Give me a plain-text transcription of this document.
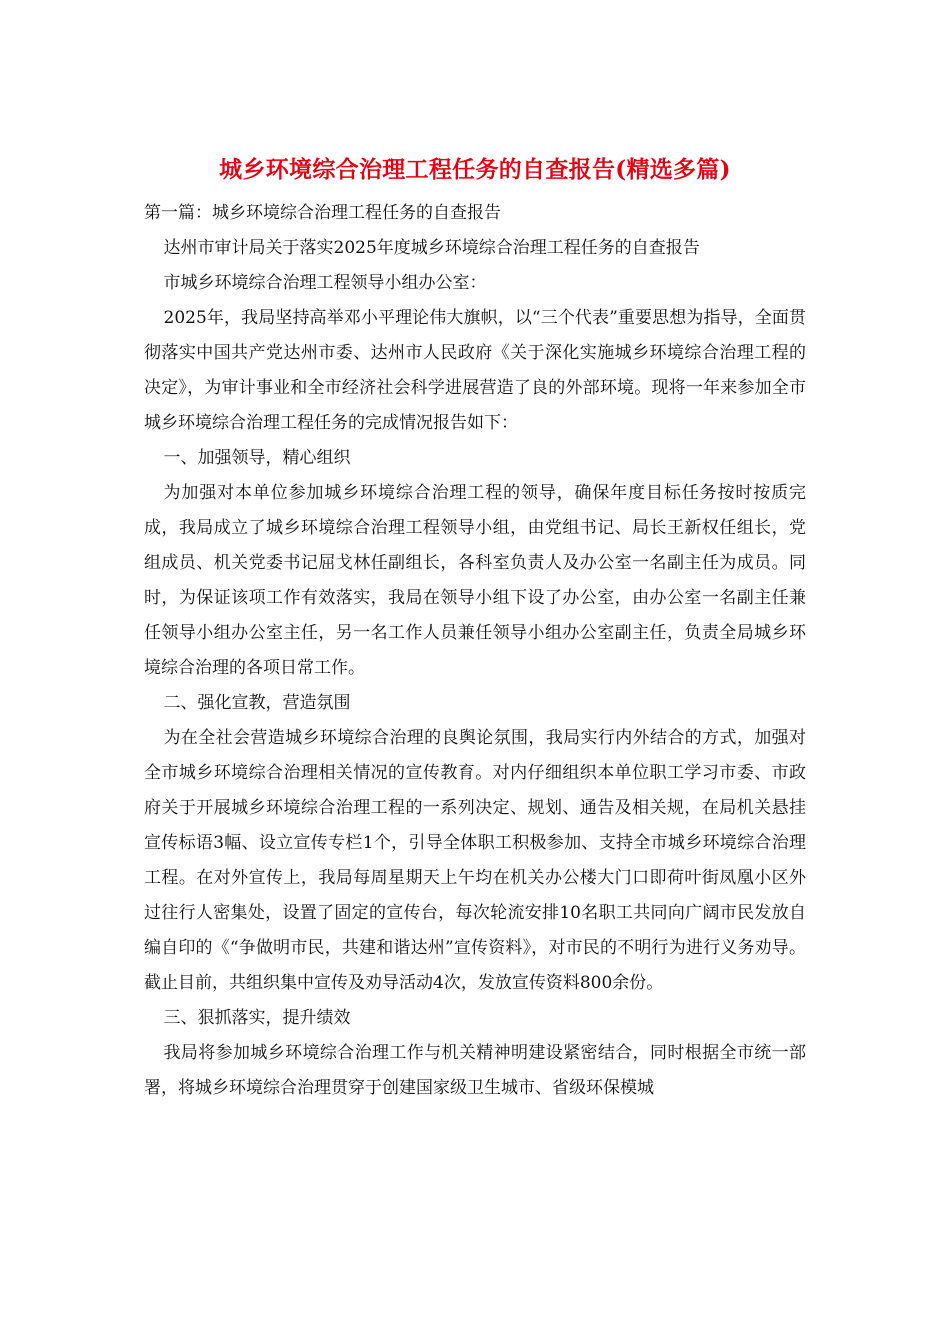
城乡环境综合治理工程任务的自查报告(精选多篇)

第一篇：城乡环境综合治理工程任务的自查报告

达州市审计局关于落实2025年度城乡环境综合治理工程任务的自查报告

市城乡环境综合治理工程领导小组办公室：

2025年，我局坚持高举邓小平理论伟大旗帜，以“三个代表”重要思想为指导，全面贯彻落实中国共产党达州市委、达州市人民政府《关于深化实施城乡环境综合治理工程的决定》，为审计事业和全市经济社会科学进展营造了良的外部环境。现将一年来参加全市城乡环境综合治理工程任务的完成情况报告如下：

一、加强领导，精心组织

为加强对本单位参加城乡环境综合治理工程的领导，确保年度目标任务按时按质完成，我局成立了城乡环境综合治理工程领导小组，由党组书记、局长王新权任组长，党组成员、机关党委书记屈戈林任副组长，各科室负责人及办公室一名副主任为成员。同时，为保证该项工作有效落实，我局在领导小组下设了办公室，由办公室一名副主任兼任领导小组办公室主任，另一名工作人员兼任领导小组办公室副主任，负责全局城乡环境综合治理的各项日常工作。

二、强化宣教，营造氛围

为在全社会营造城乡环境综合治理的良舆论氛围，我局实行内外结合的方式，加强对全市城乡环境综合治理相关情况的宣传教育。对内仔细组织本单位职工学习市委、市政府关于开展城乡环境综合治理工程的一系列决定、规划、通告及相关规，在局机关悬挂宣传标语3幅、设立宣传专栏1个，引导全体职工积极参加、支持全市城乡环境综合治理工程。在对外宣传上，我局每周星期天上午均在机关办公楼大门口即荷叶街凤凰小区外过往行人密集处，设置了固定的宣传台，每次轮流安排10名职工共同向广阔市民发放自编自印的《“争做明市民，共建和谐达州”宣传资料》，对市民的不明行为进行义务劝导。截止目前，共组织集中宣传及劝导活动4次，发放宣传资料800余份。

三、狠抓落实，提升绩效

我局将参加城乡环境综合治理工作与机关精神明建设紧密结合，同时根据全市统一部署，将城乡环境综合治理贯穿于创建国家级卫生城市、省级环保模城
